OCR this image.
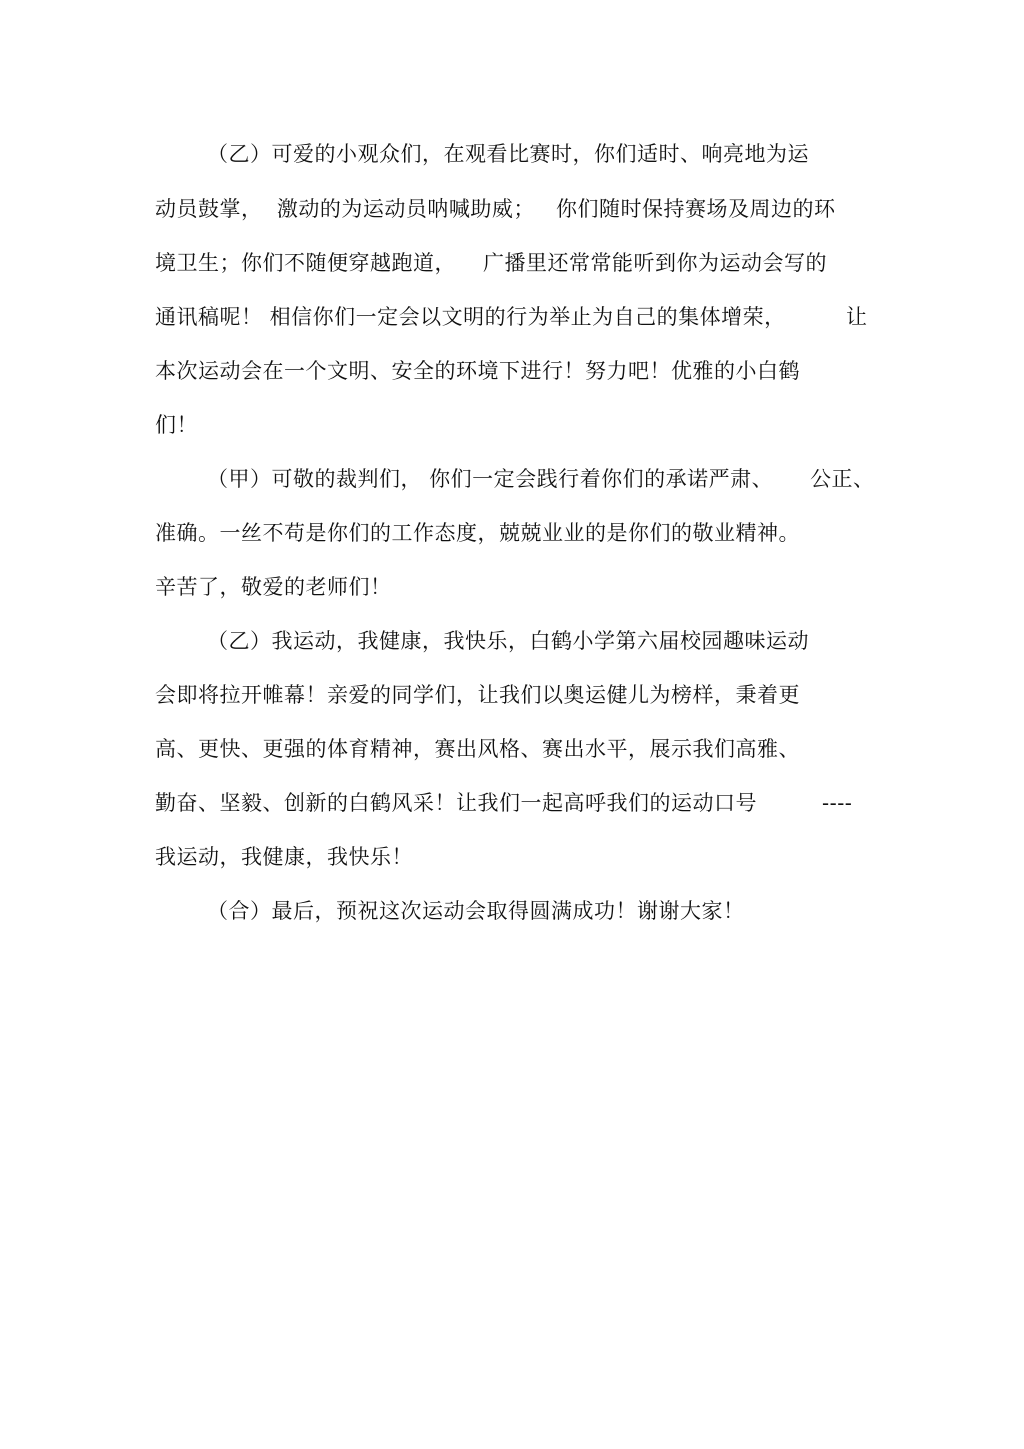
（乙）可爱的小观众们，在观看比赛时，你们适时、响亮地为运
动员鼓掌，  激动的为运动员呐喊助威； 你们随时保持赛场及周边的环
境卫生；你们不随便穿越跑道， 广播里还常常能听到你为运动会写的
通讯稿呢！ 相信你们一定会以文明的行为举止为自己的集体增荣，	让
本次运动会在一个文明、安全的环境下进行！努力吧！优雅的小白鹤
们！
（甲）可敬的裁判们， 你们一定会践行着你们的承诺严肃、 公正、
准确。一丝不苟是你们的工作态度，兢兢业业的是你们的敬业精神。
辛苦了，敬爱的老师们！
（乙）我运动，我健康，我快乐，白鹤小学第六届校园趣味运动
会即将拉开帷幕！亲爱的同学们，让我们以奥运健儿为榜样，秉着更
高、更快、更强的体育精神，赛出风格、赛出水平，展示我们高雅、
勤奋、坚毅、创新的白鹤风采！让我们一起高呼我们的运动口号	----
我运动，我健康，我快乐！
（合）最后，预祝这次运动会取得圆满成功！谢谢大家！
